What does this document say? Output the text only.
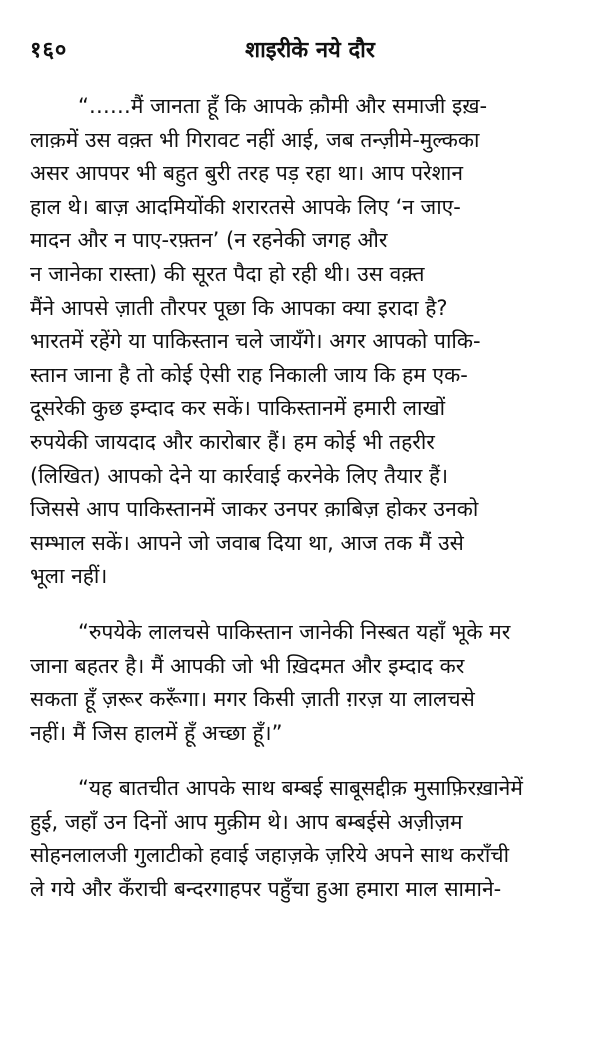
१६०	शाइरीके नये दौर
“……मैं जानता हूँ कि आपके क़ौमी और समाजी इख़-
लाक़में उस वक़्त भी गिरावट नहीं आई, जब तन्ज़ीमे-मुल्कका
असर आपपर भी बहुत बुरी तरह पड़ रहा था। आप परेशान
हाल थे। बाज़ आदमियोंकी शरारतसे आपके लिए ‘न जाए-
मादन और न पाए-रफ़्तन’ (न रहनेकी जगह और
न जानेका रास्ता) की सूरत पैदा हो रही थी। उस वक़्त
मैंने आपसे ज़ाती तौरपर पूछा कि आपका क्या इरादा है?
भारतमें रहेंगे या पाकिस्तान चले जायँगे। अगर आपको पाकि-
स्तान जाना है तो कोई ऐसी राह निकाली जाय कि हम एक-
दूसरेकी कुछ इम्दाद कर सकें। पाकिस्तानमें हमारी लाखों
रुपयेकी जायदाद और कारोबार हैं। हम कोई भी तहरीर
(लिखित) आपको देने या कार्रवाई करनेके लिए तैयार हैं।
जिससे आप पाकिस्तानमें जाकर उनपर क़ाबिज़ होकर उनको
सम्भाल सकें। आपने जो जवाब दिया था, आज तक मैं उसे
भूला नहीं।
“रुपयेके लालचसे पाकिस्तान जानेकी निस्बत यहाँ भूके मर
जाना बहतर है। मैं आपकी जो भी ख़िदमत और इम्दाद कर
सकता हूँ ज़रूर करूँगा। मगर किसी ज़ाती ग़रज़ या लालचसे
नहीं। मैं जिस हालमें हूँ अच्छा हूँ।”
“यह बातचीत आपके साथ बम्बई साबूसद्दीक़ मुसाफ़िरख़ानेमें
हुई, जहाँ उन दिनों आप मुक़ीम थे। आप बम्बईसे अज़ीज़म
सोहनलालजी गुलाटीको हवाई जहाज़के ज़रिये अपने साथ कराँची
ले गये और कँराची बन्दरगाहपर पहुँचा हुआ हमारा माल सामाने-
